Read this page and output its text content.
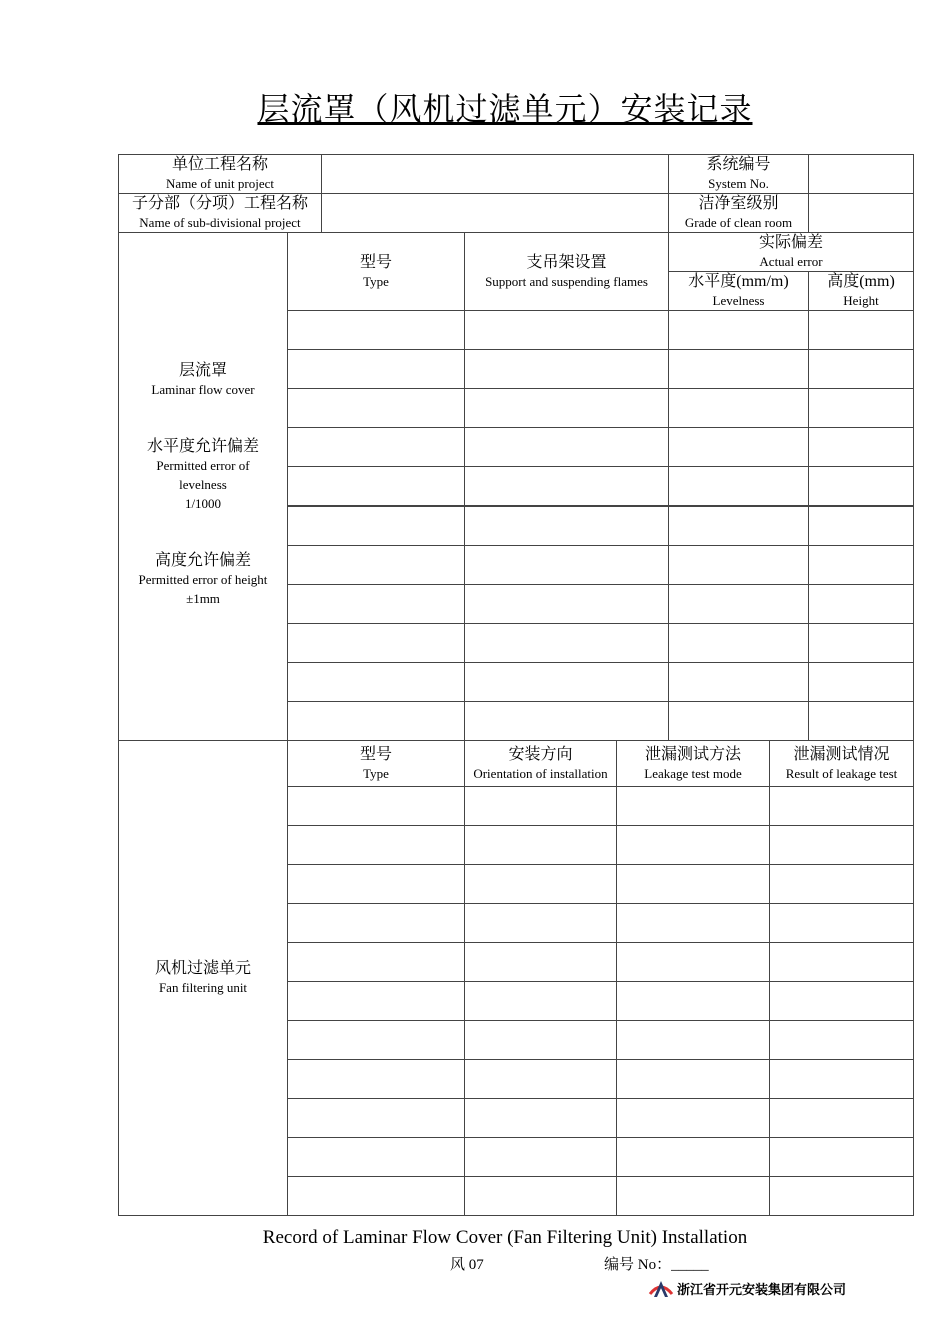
层流罩（风机过滤单元）安装记录
单位工程名称
Name of unit project
系统编号
System No.
子分部（分项）工程名称
Name of sub-divisional project
洁净室级别
Grade of clean room
层流罩
Laminar flow cover
水平度允许偏差
Permitted error of
levelness
1/1000
高度允许偏差
Permitted error of height
±1mm
型号
Type
支吊架设置
Support and suspending flames
实际偏差
Actual error
水平度(mm/m)
Levelness
高度(mm)
Height
风机过滤单元
Fan filtering unit
型号
Type
安装方向
Orientation of installation
泄漏测试方法
Leakage test mode
泄漏测试情况
Result of leakage test
Record of Laminar Flow Cover (Fan Filtering Unit) Installation
风 07	编号 No：_____
浙江省开元安装集团有限公司
